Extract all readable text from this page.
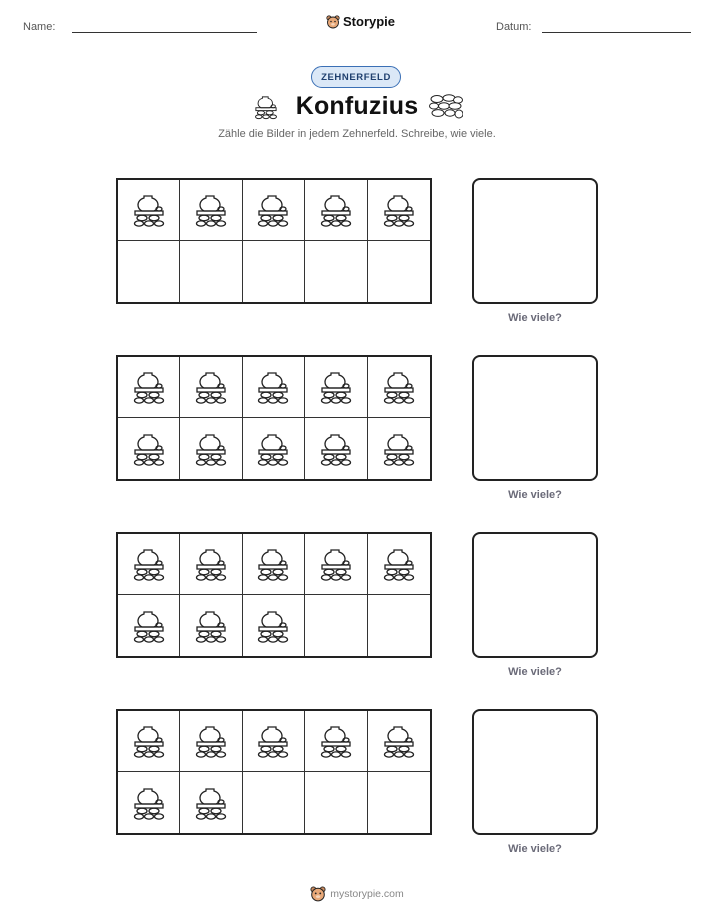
Name:	Storypie	Datum:
ZEHNERFELD
Konfuzius
Zähle die Bilder in jedem Zehnerfeld. Schreibe, wie viele.
Wie viele?
Wie viele?
Wie viele?
Wie viele?
mystorypie.com
